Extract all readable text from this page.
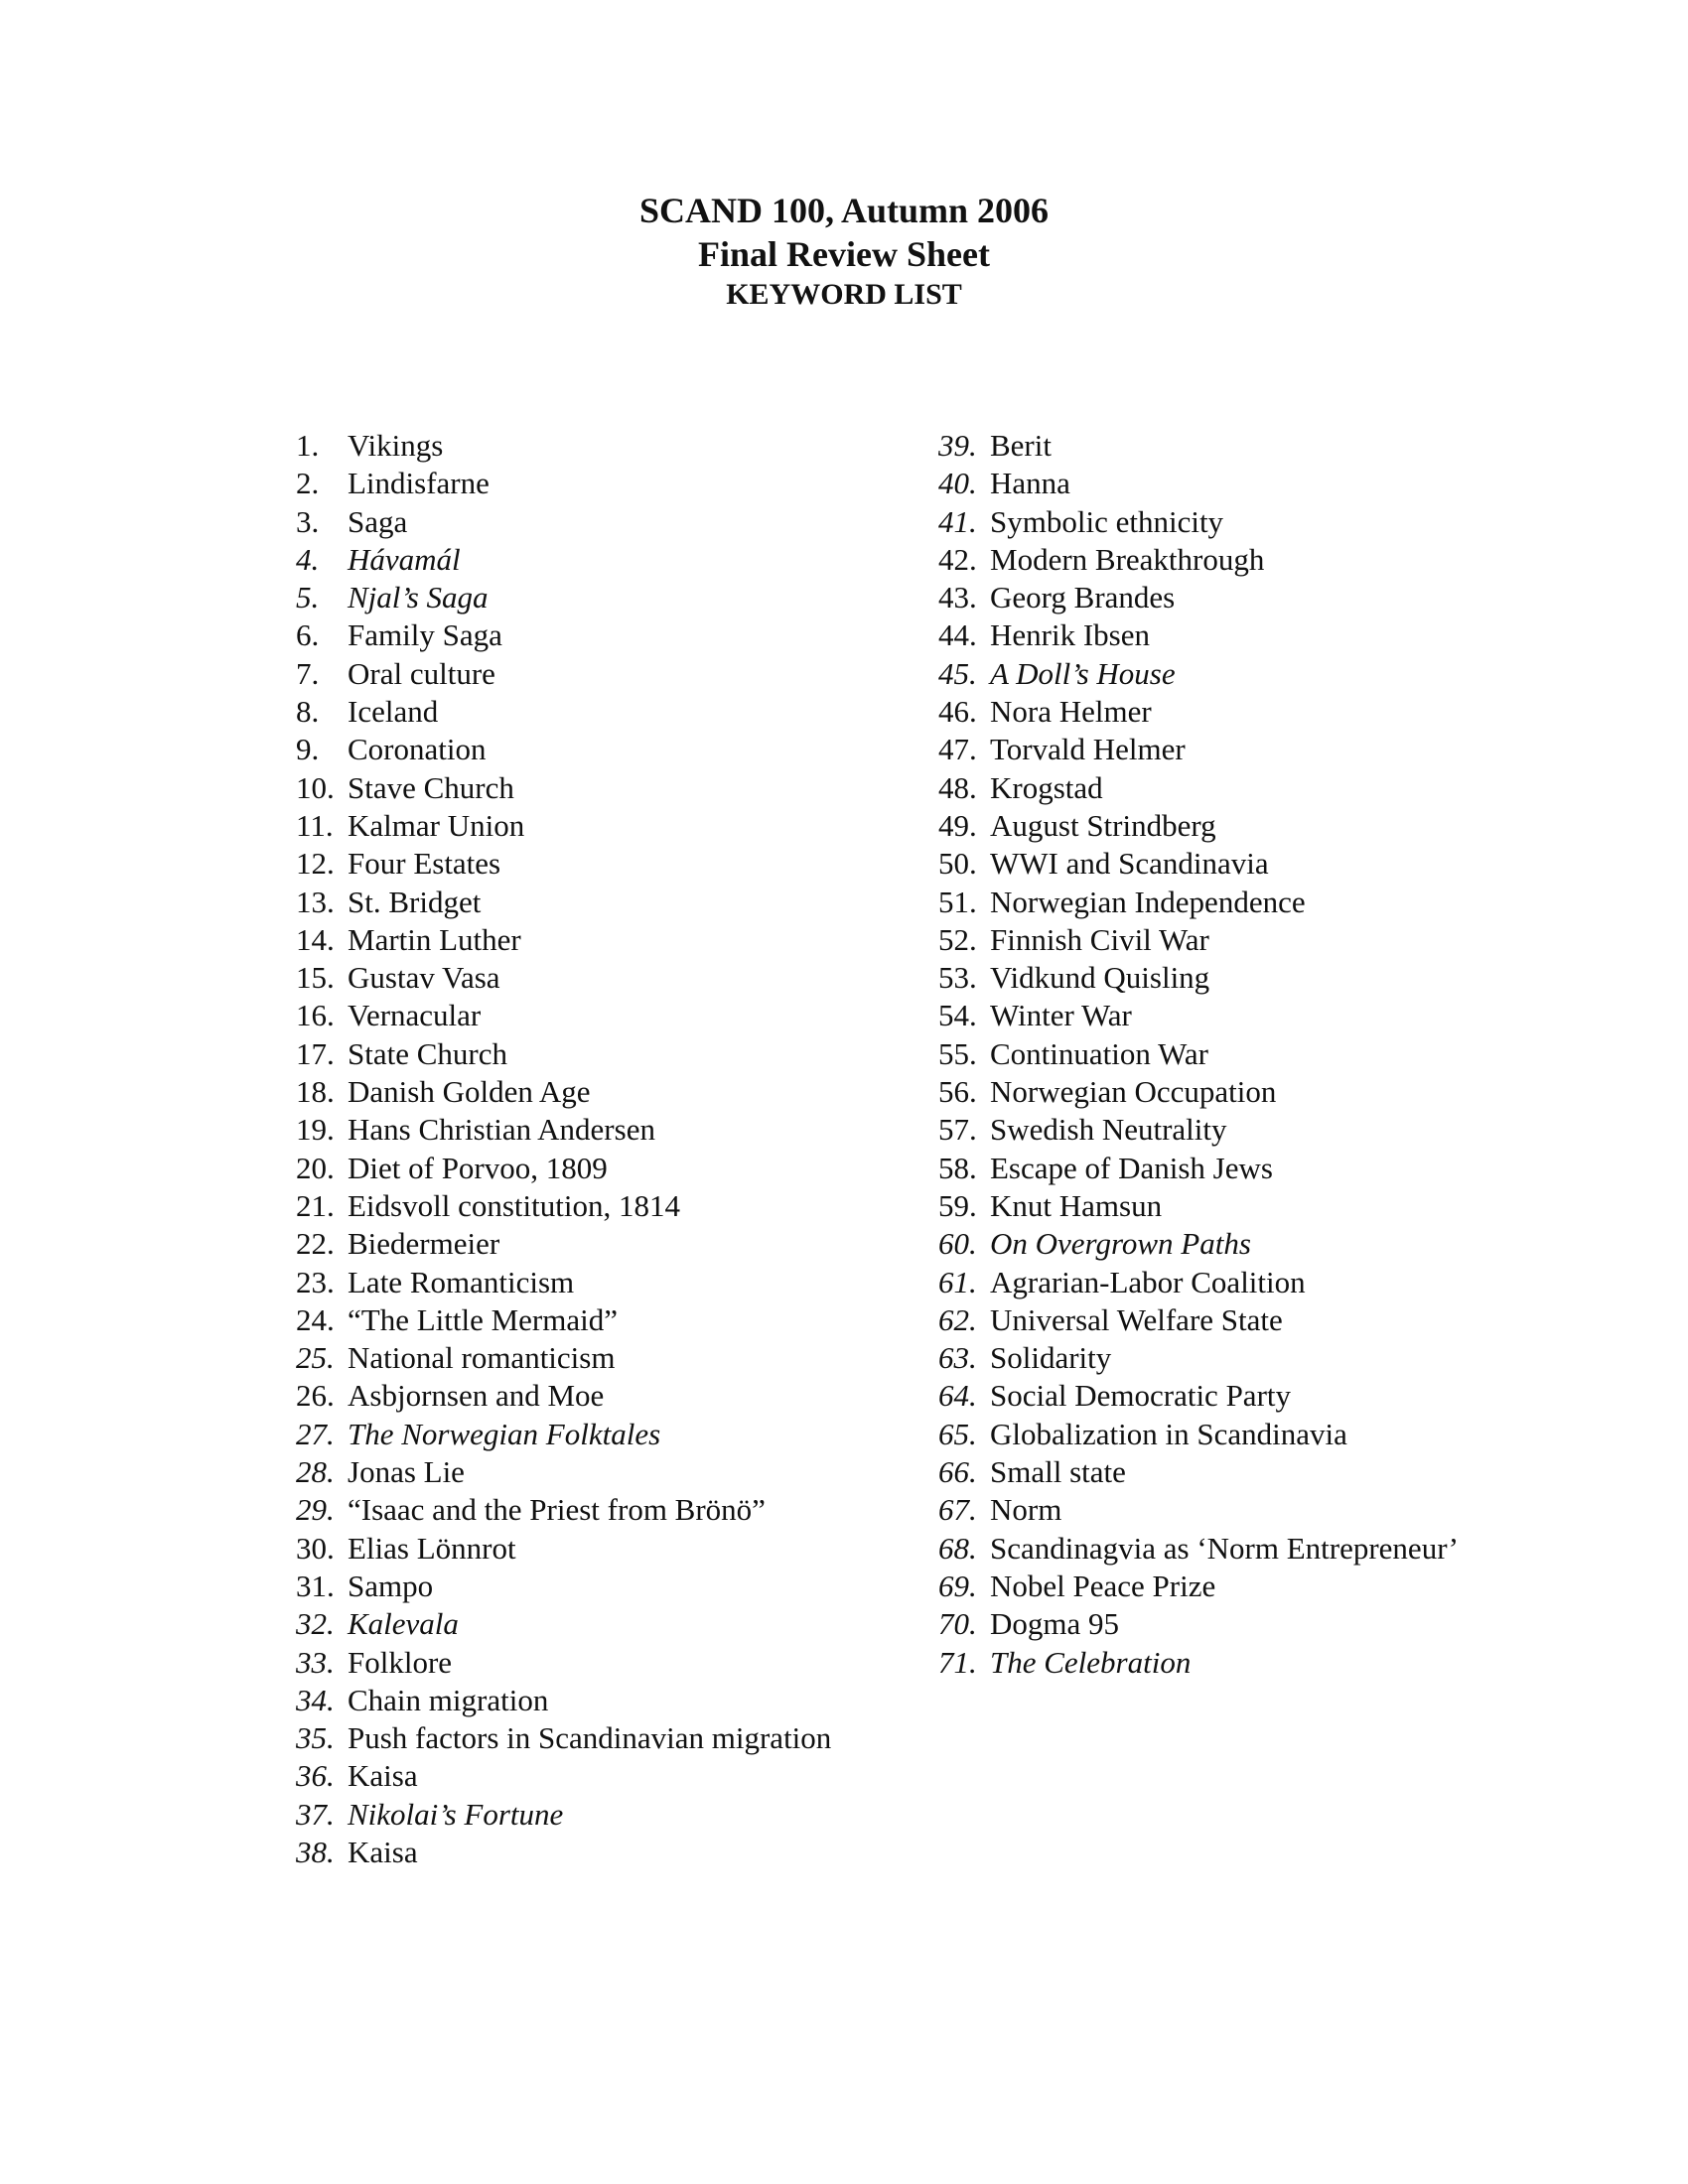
SCAND 100, Autumn 2006

Final Review Sheet

KEYWORD LIST

1. Vikings
2. Lindisfarne
3. Saga
4. Hávamál
5. Njal’s Saga
6. Family Saga
7. Oral culture
8. Iceland
9. Coronation
10. Stave Church
11. Kalmar Union
12. Four Estates
13. St. Bridget
14. Martin Luther
15. Gustav Vasa
16. Vernacular
17. State Church
18. Danish Golden Age
19. Hans Christian Andersen
20. Diet of Porvoo, 1809
21. Eidsvoll constitution, 1814
22. Biedermeier
23. Late Romanticism
24. “The Little Mermaid”
25. National romanticism
26. Asbjornsen and Moe
27. The Norwegian Folktales
28. Jonas Lie
29. “Isaac and the Priest from Brönö”
30. Elias Lönnrot
31. Sampo
32. Kalevala
33. Folklore
34. Chain migration
35. Push factors in Scandinavian migration
36. Kaisa
37. Nikolai’s Fortune
38. Kaisa
39. Berit
40. Hanna
41. Symbolic ethnicity
42. Modern Breakthrough
43. Georg Brandes
44. Henrik Ibsen
45. A Doll’s House
46. Nora Helmer
47. Torvald Helmer
48. Krogstad
49. August Strindberg
50. WWI and Scandinavia
51. Norwegian Independence
52. Finnish Civil War
53. Vidkund Quisling
54. Winter War
55. Continuation War
56. Norwegian Occupation
57. Swedish Neutrality
58. Escape of Danish Jews
59. Knut Hamsun
60. On Overgrown Paths
61. Agrarian-Labor Coalition
62. Universal Welfare State
63. Solidarity
64. Social Democratic Party
65. Globalization in Scandinavia
66. Small state
67. Norm
68. Scandinagvia as ‘Norm Entrepreneur’
69. Nobel Peace Prize
70. Dogma 95
71. The Celebration
